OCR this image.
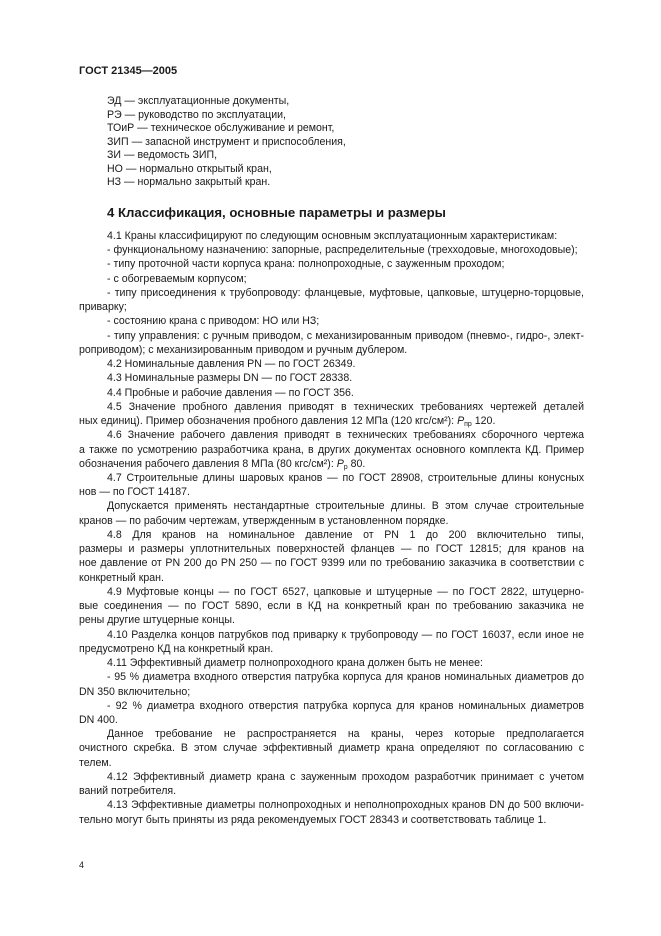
ГОСТ 21345—2005
ЭД — эксплуатационные документы,
РЭ — руководство по эксплуатации,
ТОиР — техническое обслуживание и ремонт,
ЗИП — запасной инструмент и приспособления,
ЗИ — ведомость ЗИП,
НО — нормально открытый кран,
НЗ — нормально закрытый кран.
4 Классификация, основные параметры и размеры
4.1 Краны классифицируют по следующим основным эксплуатационным характеристикам:
- функциональному назначению: запорные, распределительные (трехходовые, многоходовые);
- типу проточной части корпуса крана: полнопроходные, с зауженным проходом;
- с обогреваемым корпусом;
- типу присоединения к трубопроводу: фланцевые, муфтовые, цапковые, штуцерно-торцовые,
приварку;
- состоянию крана с приводом: НО или НЗ;
- типу управления: с ручным приводом, с механизированным приводом (пневмо-, гидро-, элект-
роприводом); с механизированным приводом и ручным дублером.
4.2 Номинальные давления PN — по ГОСТ 26349.
4.3 Номинальные размеры DN — по ГОСТ 28338.
4.4 Пробные и рабочие давления — по ГОСТ 356.
4.5 Значение пробного давления приводят в технических требованиях чертежей деталей
ных единиц). Пример обозначения пробного давления 12 МПа (120 кгс/см²): $P_{пр}$ 120.
4.6 Значение рабочего давления приводят в технических требованиях сборочного чертежа
а также по усмотрению разработчика крана, в других документах основного комплекта КД. Пример
обозначения рабочего давления 8 МПа (80 кгс/см²): $P_р$ 80.
4.7 Строительные длины шаровых кранов — по ГОСТ 28908, строительные длины конусных
нов — по ГОСТ 14187.
Допускается применять нестандартные строительные длины. В этом случае строительные
кранов — по рабочим чертежам, утвержденным в установленном порядке.
4.8 Для кранов на номинальное давление от PN 1 до 200 включительно типы,
размеры и размеры уплотнительных поверхностей фланцев — по ГОСТ 12815; для кранов на
ное давление от PN 200 до PN 250 — по ГОСТ 9399 или по требованию заказчика в соответствии с
конкретный кран.
4.9 Муфтовые концы — по ГОСТ 6527, цапковые и штуцерные — по ГОСТ 2822, штуцерно-
вые соединения — по ГОСТ 5890, если в КД на конкретный кран по требованию заказчика не
рены другие штуцерные концы.
4.10 Разделка концов патрубков под приварку к трубопроводу — по ГОСТ 16037, если иное не
предусмотрено КД на конкретный кран.
4.11 Эффективный диаметр полнопроходного крана должен быть не менее:
- 95 % диаметра входного отверстия патрубка корпуса для кранов номинальных диаметров до
DN 350 включительно;
- 92 % диаметра входного отверстия патрубка корпуса для кранов номинальных диаметров
DN 400.
Данное требование не распространяется на краны, через которые предполагается
очистного скребка. В этом случае эффективный диаметр крана определяют по согласованию с
телем.
4.12 Эффективный диаметр крана с зауженным проходом разработчик принимает с учетом
ваний потребителя.
4.13 Эффективные диаметры полнопроходных и неполнопроходных кранов DN до 500 включи-
тельно могут быть приняты из ряда рекомендуемых ГОСТ 28343 и соответствовать таблице 1.
4
